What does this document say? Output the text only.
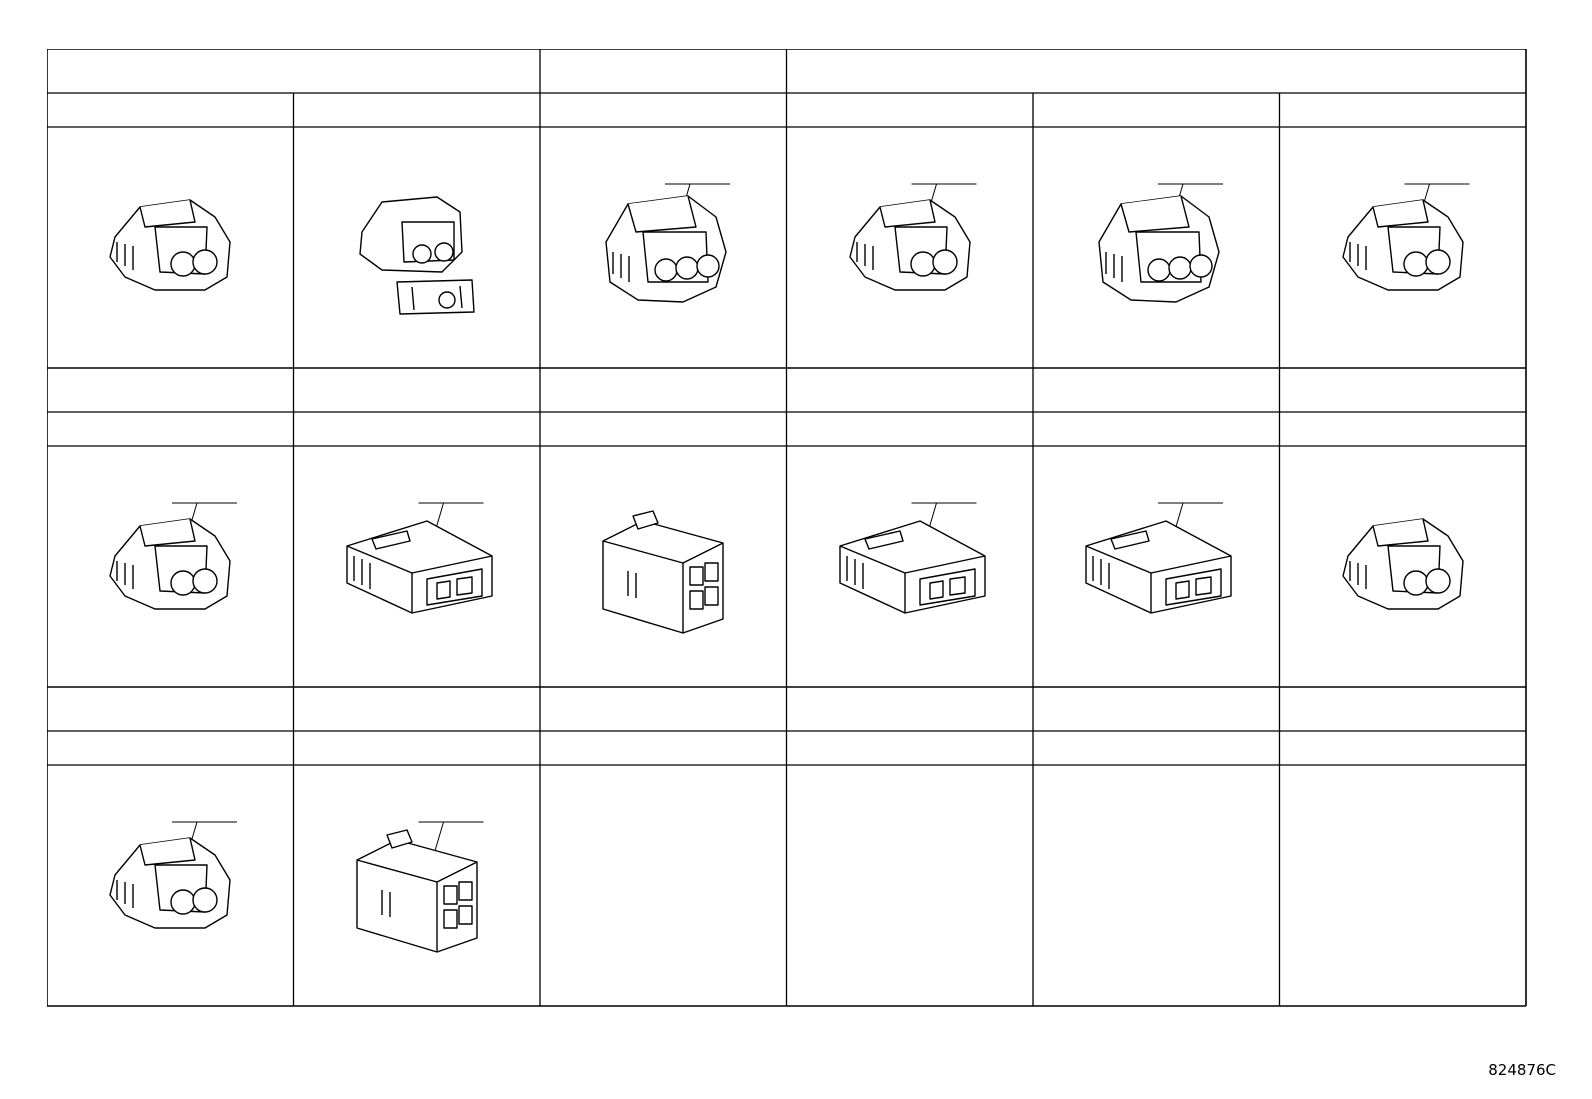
824876C
